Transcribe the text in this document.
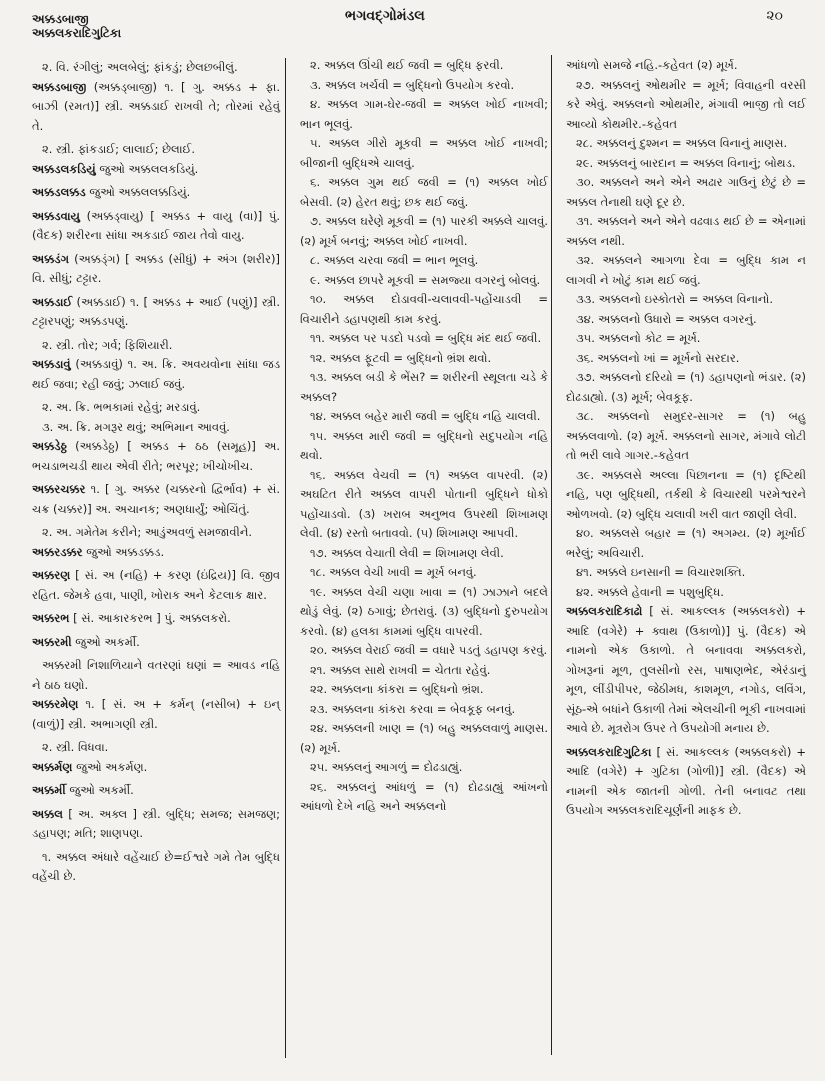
અક્કડબાજી
અક્કલકરાદિગુટિકા
ભગવદ્ગોમંડલ	૨૦
૨. વિ. રંગીલું; અલબેલું; ફાંકડું; છેલછબીલું.
અક્કડબાજી (અક્કડ્બાજી) ૧. [ ગુ. અક્કડ + ફા. બાઝી (રમત)] સ્ત્રી. અક્કડાઈ રાખવી તે; તોરમાં રહેવું તે.
૨. સ્ત્રી. ફાંકડાઈ; લાલાઈ; છેલાઈ.
અક્કડલકડિયું જુઓ અક્કલલકડિયું.
અક્કડલક્કડ જુઓ અક્કલલક્કડિયું.
અક્કડવાયુ (અક્કડ્વાયુ) [ અક્કડ + વાયુ (વા)] પું. (વૈદક) શરીરના સાંધા અકડાઈ જાય તેવો વાયુ.
અક્કડંગ (અક્કડ્ંગ) [ અક્કડ (સીધું) + અંગ (શરીર)] વિ. સીધું; ટટ્ટાર.
અક્કડાઈ (અક્કડાઈ) ૧. [ અક્કડ + આઈ (પણું)] સ્ત્રી. ટટ્ટારપણું; અક્કડપણું.
૨. સ્ત્રી. તોર; ગર્વ; ફિશિયારી.
અક્કડાવું (અક્કડાવું) ૧. અ. ક્રિ. અવયવોના સાંધા જડ થઈ જવા; રહી જવું; ઝલાઈ જવું.
૨. અ. ક્રિ. ભભકામાં રહેવું; મરડાવું.
૩. અ. ક્રિ. મગરૂર થવું; અભિમાન આવવું.
અક્કડેઠ્ઠ (અક્કડેઠ્ઠ) [ અક્કડ + ઠઠ (સમૂહ)] અ. ભચડાભચડી થાય એવી રીતે; ભરપૂર; ખીચોખીચ.
અક્કરચક્કર ૧. [ ગુ. અક્કર (ચક્કરનો દ્વિર્ભાવ) + સં. ચક્ર (ચક્કર)] અ. અચાનક; અણધાર્યું; ઓચિંતું.
૨. અ. ગમેતેમ કરીને; આડુંઅવળું સમજાવીને.
અક્કરડક્કર જુઓ અક્કડક્કડ.
અક્કરણ [ સં. અ (નહિ) + કરણ (ઇંદ્રિય)] વિ. જીવ રહિત. જેમકે હવા, પાણી, ખોરાક અને કેટલાક ક્ષાર.
અક્કરભ [ સં. આકારકરભ ] પું. અક્કલકરો.
અક્કરમી જુઓ અકર્મી.
અક્કરમી નિશાળિયાને વતરણાં ઘણાં = આવડ નહિ ને ઠાઠ ઘણો.
અક્કરમેણ ૧. [ સં. અ + કર્મન્ (નસીબ) + ઇન્ (વાળું)] સ્ત્રી. અભાગણી સ્ત્રી.
૨. સ્ત્રી. વિધવા.
અક્કર્મણ જુઓ અકર્મણ.
અક્કર્મી જુઓ અકર્મી.
અક્કલ [ અ. અક્લ ] સ્ત્રી. બુદ્ધિ; સમજ; સમજણ; ડહાપણ; મતિ; શાણપણ.
૧. અક્કલ અંધારે વહેંચાઈ છે=ઈશ્વરે ગમે તેમ બુદ્ધિ વહેંચી છે.
૨. અક્કલ ઊંચી થઈ જવી = બુદ્ધિ ફરવી.
૩. અક્કલ ખર્ચવી = બુદ્ધિનો ઉપયોગ કરવો.
૪. અક્કલ ગામ-ઘેર-જવી = અક્કલ ખોઈ નાખવી; ભાન ભૂલવું.
૫. અક્કલ ગીરો મૂકવી = અક્કલ ખોઈ નાખવી; બીજાની બુદ્ધિએ ચાલવું.
૬. અક્કલ ગુમ થઈ જવી = (૧) અક્કલ ખોઈ બેસવી. (૨) હેરત થવું; છક થઈ જવું.
૭. અક્કલ ઘરેણે મૂકવી = (૧) પારકી અક્કલે ચાલવું. (૨) મૂર્ખ બનવું; અક્કલ ખોઈ નાખવી.
૮. અક્કલ ચરવા જવી = ભાન ભૂલવું.
૯. અક્કલ છાપરે મૂકવી = સમજ્યા વગરનું બોલવું.
૧૦. અક્કલ દોડાવવી-ચલાવવી-પહોંચાડવી = વિચારીને ડહાપણથી કામ કરવું.
૧૧. અક્કલ પર પડદો પડવો = બુદ્ધિ મંદ થઈ જવી.
૧૨. અક્કલ ફૂટવી = બુદ્ધિનો ભ્રંશ થવો.
૧૩. અક્કલ બડી કે ભેંસ? = શરીરની સ્થૂલતા ચડે કે અક્કલ?
૧૪. અક્કલ બહેર મારી જવી = બુદ્ધિ નહિ ચાલવી.
૧૫. અક્કલ મારી જવી = બુદ્ધિનો સદુપયોગ નહિ થવો.
૧૬. અક્કલ વેચવી = (૧) અક્કલ વાપરવી. (૨) અઘટિત રીતે અક્કલ વાપરી પોતાની બુદ્ધિને ધોકો પહોંચાડવો. (૩) ખરાબ અનુભવ ઉપરથી શિખામણ લેવી. (૪) રસ્તો બતાવવો. (૫) શિખામણ આપવી.
૧૭. અક્કલ વેચાતી લેવી = શિખામણ લેવી.
૧૮. અક્કલ વેચી ખાવી = મૂર્ખ બનવું.
૧૯. અક્કલ વેચી ચણા ખાવા = (૧) ઝાઝાને બદલે થોડું લેવું. (૨) ઠગાવું; છેતરાવું. (૩) બુદ્ધિનો દુરુપયોગ કરવો. (૪) હલકા કામમાં બુદ્ધિ વાપરવી.
૨૦. અક્કલ વેરાઈ જવી = વધારે પડતું ડહાપણ કરવું.
૨૧. અક્કલ સાથે રાખવી = ચેતતા રહેવું.
૨૨. અક્કલના કાંકરા = બુદ્ધિનો ભ્રંશ.
૨૩. અક્કલના કાંકરા કરવા = બેવકૂફ બનવું.
૨૪. અક્કલની ખાણ = (૧) બહુ અક્કલવાળું માણસ. (૨) મૂર્ખ.
૨૫. અક્કલનું આગળું = દોઢડાહ્યું.
૨૬. અક્કલનું આંધળું = (૧) દોઢડાહ્યું આંખનો આંધળો દેખે નહિ અને અક્કલનો
આંધળો સમજે નહિ.-કહેવત (૨) મૂર્ખ.
૨૭. અક્કલનું ઓથમીર = મૂર્ખ; વિવાહની વરસી કરે એવું. અક્કલનો ઓથમીર, મંગાવી ભાજી તો લઈ આવ્યો કોથમીર.-કહેવત
૨૮. અક્કલનું દુશ્મન = અક્કલ વિનાનું માણસ.
૨૯. અક્કલનું બારદાન = અક્કલ વિનાનું; બોથડ.
૩૦. અક્કલને અને એને અઢાર ગાઉનું છેટું છે = અક્કલ તેનાથી ઘણે દૂર છે.
૩૧. અક્કલને અને એને વઢવાડ થઈ છે = એનામાં અક્કલ નથી.
૩૨. અક્કલને આગળા દેવા = બુદ્ધિ કામ ન લાગવી ને ખોટું કામ થઈ જવું.
૩૩. અક્કલનો ઇસ્કોતરો = અક્કલ વિનાનો.
૩૪. અક્કલનો ઉધારો = અક્કલ વગરનું.
૩૫. અક્કલનો કોટ = મૂર્ખ.
૩૬. અક્કલનો ખાં = મૂર્ખનો સરદાર.
૩૭. અક્કલનો દરિયો = (૧) ડહાપણનો ભંડાર. (૨) દોઢડાહ્યો. (૩) મૂર્ખ; બેવકૂફ.
૩૮. અક્કલનો સમુદર-સાગર = (૧) બહુ અક્કલવાળો. (૨) મૂર્ખ. અક્કલનો સાગર, મંગાવે લોટી તો ભરી લાવે ગાગર.-કહેવત
૩૯. અક્કલસે અલ્લા પિછાનના = (૧) દૃષ્ટિથી નહિ, પણ બુદ્ધિથી, તર્કથી કે વિચારથી પરમેશ્વરને ઓળખવો. (૨) બુદ્ધિ ચલાવી ખરી વાત જાણી લેવી.
૪૦. અક્કલસે બહાર = (૧) અગમ્ય. (૨) મૂર્ખાઈ ભરેલું; અવિચારી.
૪૧. અક્કલે ઇનસાની = વિચારશક્તિ.
૪૨. અક્કલે હેવાની = પશુબુદ્ધિ.
અક્કલકરાદિકાઢો [ સં. આકલ્લક (અક્કલકરો) + આદિ (વગેરે) + ક્વાથ (ઉકાળો)] પું. (વૈદક) એ નામનો એક ઉકાળો. તે બનાવવા અક્કલકરો, ગોખરૂનાં મૂળ, તુલસીનો રસ, પાષાણભેદ, એરંડાનું મૂળ, લીંડીપીપર, જેઠીમધ, કાશમૂળ, નગોડ, લવિંગ, સૂંઠ-એ બધાંને ઉકાળી તેમાં એલચીની ભૂકી નાખવામાં આવે છે. મૂત્રરોગ ઉપર તે ઉપયોગી મનાય છે.
અક્કલકરાદિગુટિકા [ સં. આકલ્લક (અક્કલકરો) + આદિ (વગેરે) + ગુટિકા (ગોળી)] સ્ત્રી. (વૈદક) એ નામની એક જાતની ગોળી. તેની બનાવટ તથા ઉપયોગ અક્કલકરાદિચૂર્ણની માફક છે.
